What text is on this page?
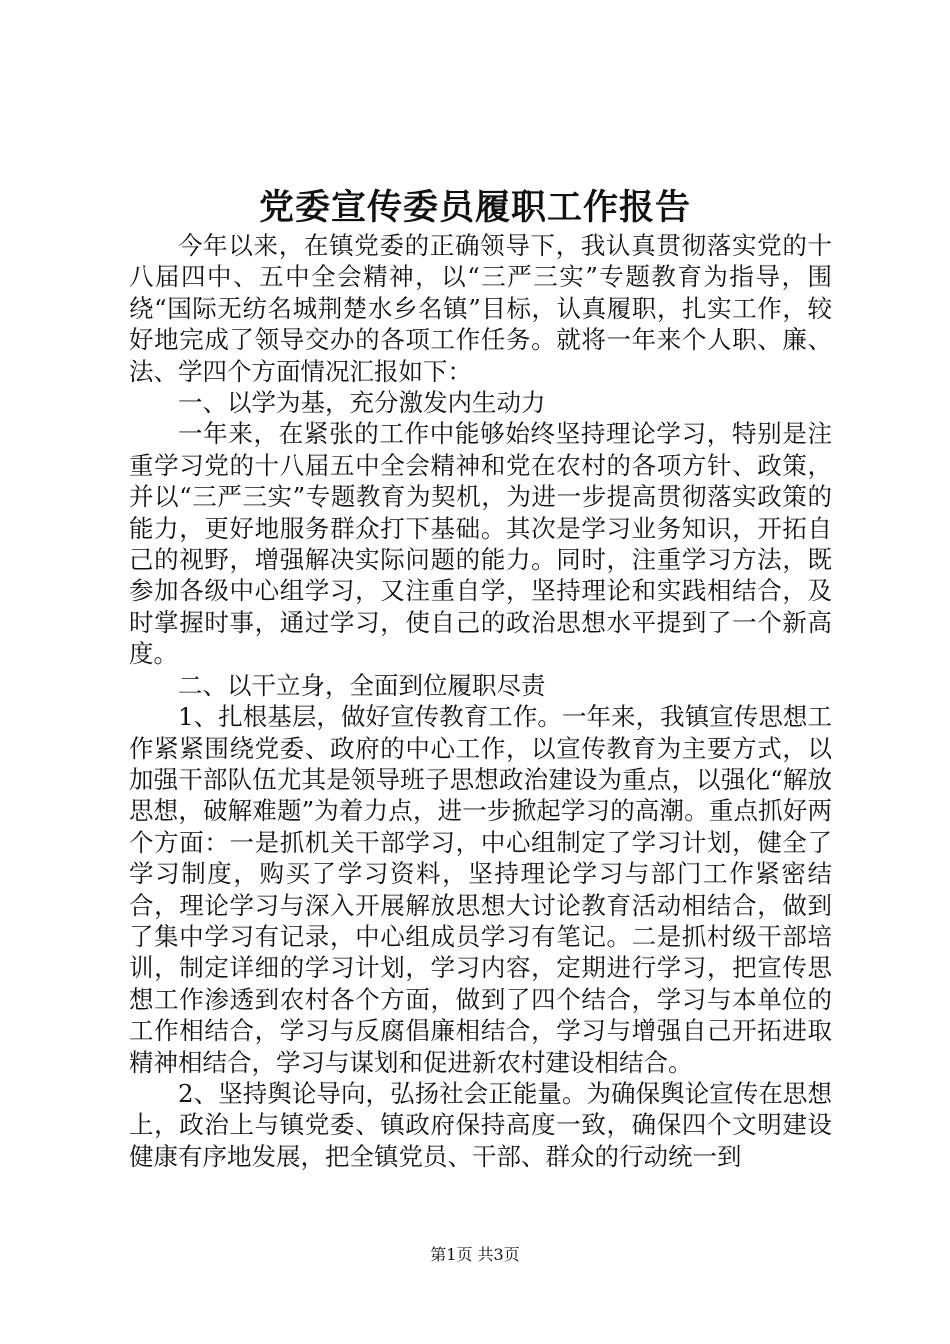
党委宣传委员履职工作报告

今年以来，在镇党委的正确领导下，我认真贯彻落实党的十八届四中、五中全会精神，以“三严三实”专题教育为指导，围绕“国际无纺名城荆楚水乡名镇”目标，认真履职，扎实工作，较好地完成了领导交办的各项工作任务。就将一年来个人职、廉、法、学四个方面情况汇报如下：

一、以学为基，充分激发内生动力

一年来，在紧张的工作中能够始终坚持理论学习，特别是注重学习党的十八届五中全会精神和党在农村的各项方针、政策，并以“三严三实”专题教育为契机，为进一步提高贯彻落实政策的能力，更好地服务群众打下基础。其次是学习业务知识，开拓自己的视野，增强解决实际问题的能力。同时，注重学习方法，既参加各级中心组学习，又注重自学，坚持理论和实践相结合，及时掌握时事，通过学习，使自己的政治思想水平提到了一个新高度。

二、以干立身，全面到位履职尽责

1、扎根基层，做好宣传教育工作。一年来，我镇宣传思想工作紧紧围绕党委、政府的中心工作，以宣传教育为主要方式，以加强干部队伍尤其是领导班子思想政治建设为重点，以强化“解放思想，破解难题”为着力点，进一步掀起学习的高潮。重点抓好两个方面：一是抓机关干部学习，中心组制定了学习计划，健全了学习制度，购买了学习资料，坚持理论学习与部门工作紧密结合，理论学习与深入开展解放思想大讨论教育活动相结合，做到了集中学习有记录，中心组成员学习有笔记。二是抓村级干部培训，制定详细的学习计划，学习内容，定期进行学习，把宣传思想工作渗透到农村各个方面，做到了四个结合，学习与本单位的工作相结合，学习与反腐倡廉相结合，学习与增强自己开拓进取精神相结合，学习与谋划和促进新农村建设相结合。

2、坚持舆论导向，弘扬社会正能量。为确保舆论宣传在思想上，政治上与镇党委、镇政府保持高度一致，确保四个文明建设健康有序地发展，把全镇党员、干部、群众的行动统一到

第1页 共3页
